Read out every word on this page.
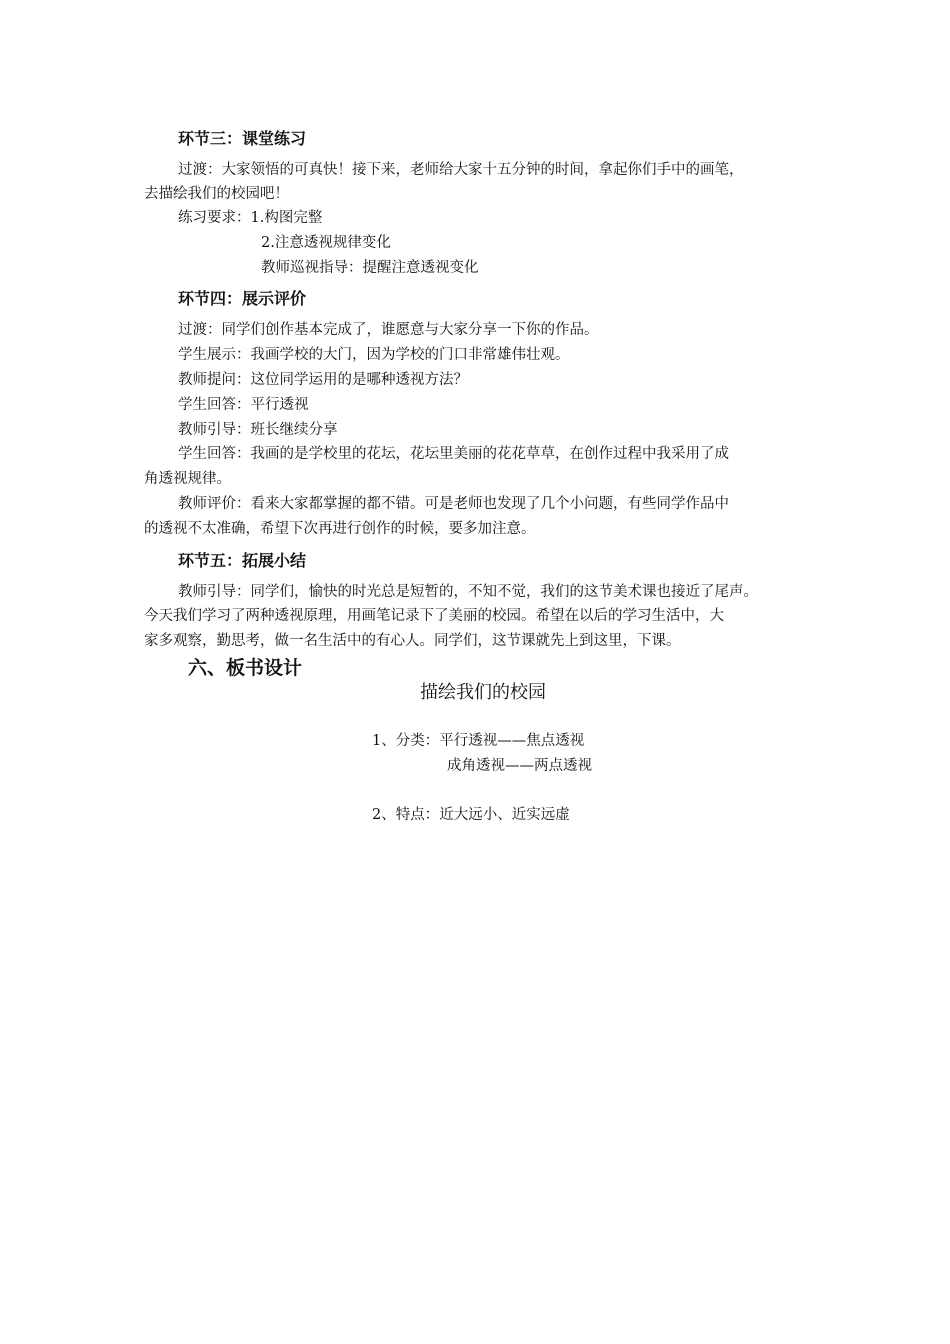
环节三：课堂练习
过渡：大家领悟的可真快！接下来，老师给大家十五分钟的时间，拿起你们手中的画笔，
去描绘我们的校园吧！
练习要求：1.构图完整
2.注意透视规律变化
教师巡视指导：提醒注意透视变化
环节四：展示评价
过渡：同学们创作基本完成了，谁愿意与大家分享一下你的作品。
学生展示：我画学校的大门，因为学校的门口非常雄伟壮观。
教师提问：这位同学运用的是哪种透视方法？
学生回答：平行透视
教师引导：班长继续分享
学生回答：我画的是学校里的花坛，花坛里美丽的花花草草，在创作过程中我采用了成
角透视规律。
教师评价：看来大家都掌握的都不错。可是老师也发现了几个小问题，有些同学作品中
的透视不太准确，希望下次再进行创作的时候，要多加注意。
环节五：拓展小结
教师引导：同学们，愉快的时光总是短暂的，不知不觉，我们的这节美术课也接近了尾声。
今天我们学习了两种透视原理，用画笔记录下了美丽的校园。希望在以后的学习生活中，大
家多观察，勤思考，做一名生活中的有心人。同学们，这节课就先上到这里，下课。
六、板书设计
描绘我们的校园
1、分类：平行透视——焦点透视
成角透视——两点透视
2、特点：近大远小、近实远虚
